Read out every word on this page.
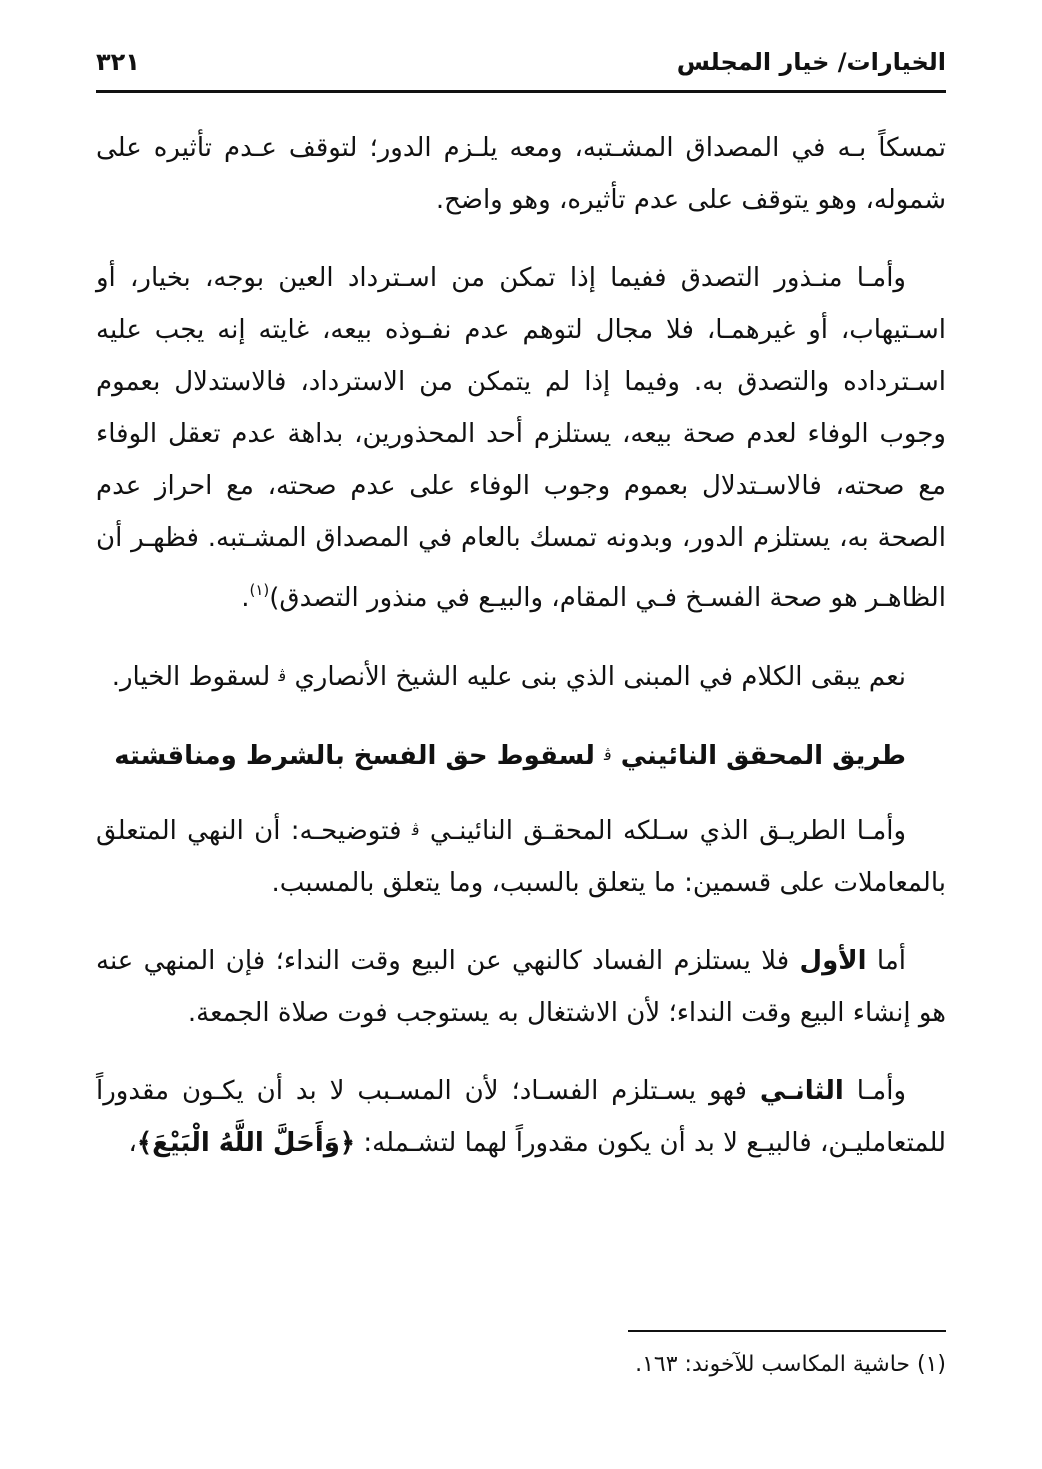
الخيارات/ خيار المجلس
٣٢١

تمسكاً بـه في المصداق المشـتبه، ومعه يلـزم الدور؛ لتوقف عـدم تأثيره على شموله، وهو يتوقف على عدم تأثيره، وهو واضح.

وأمـا منـذور التصدق ففيما إذا تمكن من اسـترداد العين بوجه، بخيار، أو اسـتيهاب، أو غيرهمـا، فلا مجال لتوهم عدم نفـوذه بيعه، غايته إنه يجب عليه اسـترداده والتصدق به. وفيما إذا لم يتمكن من الاسترداد، فالاستدلال بعموم وجوب الوفاء لعدم صحة بيعه، يستلزم أحد المحذورين، بداهة عدم تعقل الوفاء مع صحته، فالاسـتدلال بعموم وجوب الوفاء على عدم صحته، مع احراز عدم الصحة به، يستلزم الدور، وبدونه تمسك بالعام في المصداق المشـتبه. فظهـر أن الظاهـر هو صحة الفسـخ فـي المقام، والبيـع في منذور التصدق)$^{(١)}$.

نعم يبقى الكلام في المبنى الذي بنى عليه الشيخ الأنصاري ﭬ لسقوط الخيار.

طريق المحقق النائيني ﭬ لسقوط حق الفسخ بالشرط ومناقشته

وأمـا الطريـق الذي سـلكه المحقـق النائينـي ﭬ فتوضيحـه: أن النهي المتعلق بالمعاملات على قسمين: ما يتعلق بالسبب، وما يتعلق بالمسبب.

أما الأول فلا يستلزم الفساد كالنهي عن البيع وقت النداء؛ فإن المنهي عنه هو إنشاء البيع وقت النداء؛ لأن الاشتغال به يستوجب فوت صلاة الجمعة.

وأمـا الثانـي فهو يسـتلزم الفسـاد؛ لأن المسـبب لا بد أن يكـون مقدوراً للمتعامليـن، فالبيـع لا بد أن يكون مقدوراً لهما لتشـمله: ﴿وَأَحَلَّ اللَّهُ الْبَيْعَ﴾،

(١) حاشية المكاسب للآخوند: ١٦٣.
